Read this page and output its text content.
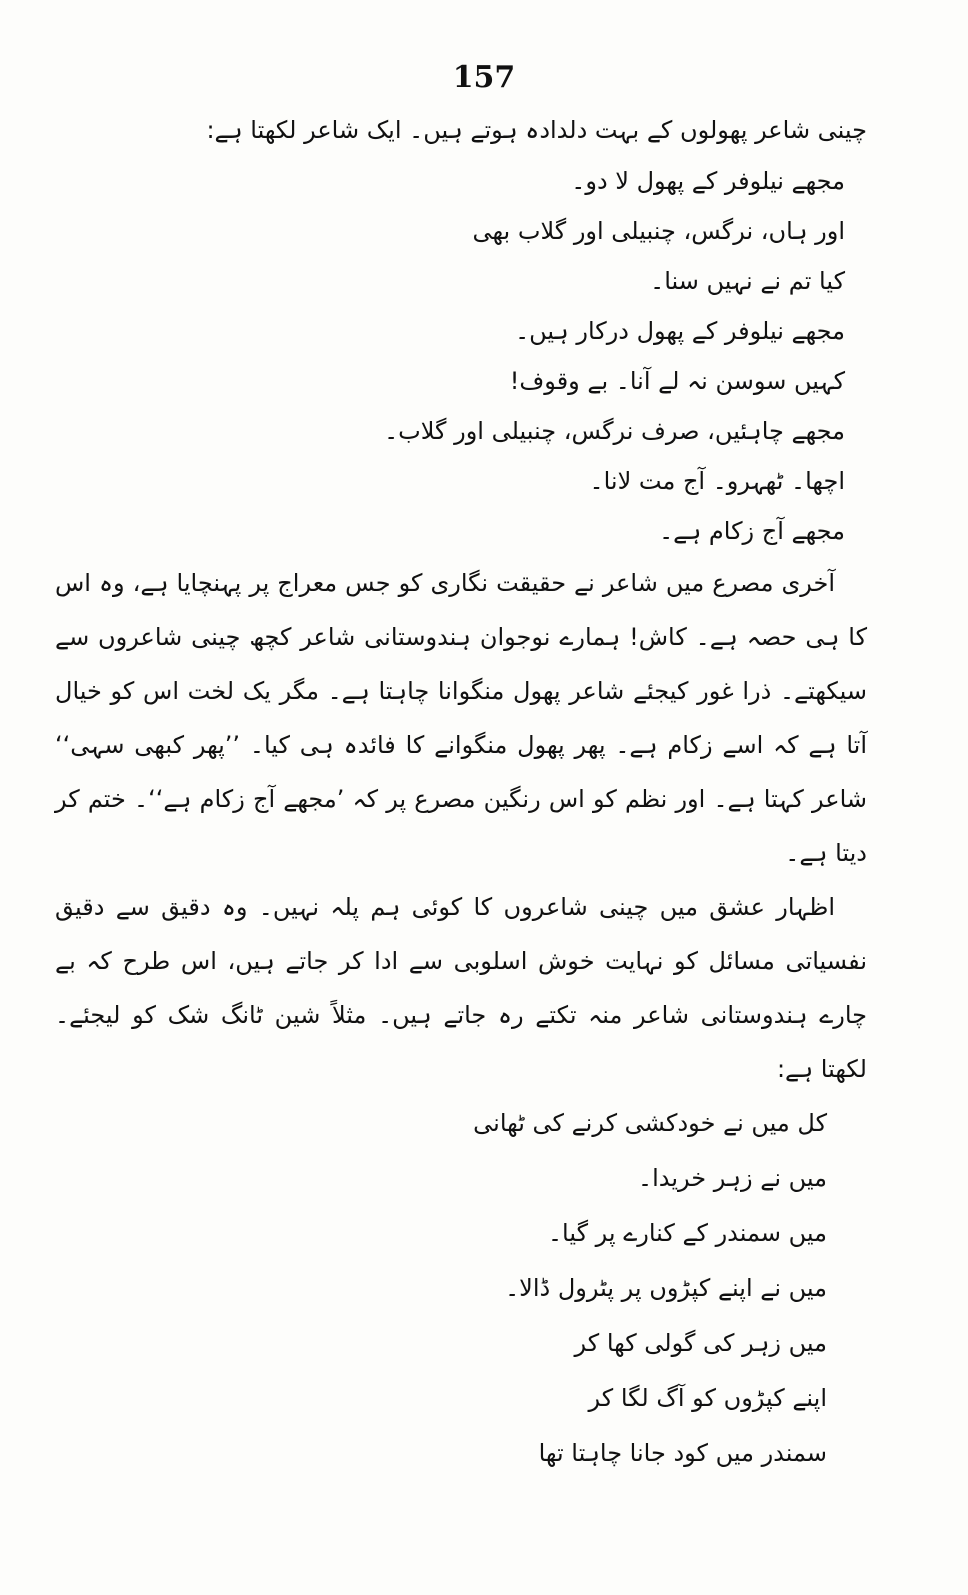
157

چینی شاعر پھولوں کے بہت دلدادہ ہوتے ہیں۔ ایک شاعر لکھتا ہے:

مجھے نیلوفر کے پھول لا دو۔
اور ہاں، نرگس، چنبیلی اور گلاب بھی
کیا تم نے نہیں سنا۔
مجھے نیلوفر کے پھول درکار ہیں۔
کہیں سوسن نہ لے آنا۔ بے وقوف!
مجھے چاہئیں، صرف نرگس، چنبیلی اور گلاب۔
اچھا۔ ٹھہرو۔ آج مت لانا۔
مجھے آج زکام ہے۔

آخری مصرع میں شاعر نے حقیقت نگاری کو جس معراج پر پہنچایا ہے، وہ اس کا ہی حصہ ہے۔ کاش! ہمارے نوجوان ہندوستانی شاعر کچھ چینی شاعروں سے سیکھتے۔ ذرا غور کیجئے شاعر پھول منگوانا چاہتا ہے۔ مگر یک لخت اس کو خیال آتا ہے کہ اسے زکام ہے۔ پھر پھول منگوانے کا فائدہ ہی کیا۔ ’’پھر کبھی سہی‘‘ شاعر کہتا ہے۔ اور نظم کو اس رنگین مصرع پر کہ ’مجھے آج زکام ہے‘‘۔ ختم کر دیتا ہے۔

اظہار عشق میں چینی شاعروں کا کوئی ہم پلہ نہیں۔ وہ دقیق سے دقیق نفسیاتی مسائل کو نہایت خوش اسلوبی سے ادا کر جاتے ہیں، اس طرح کہ بے چارے ہندوستانی شاعر منہ تکتے رہ جاتے ہیں۔ مثلاً شین ٹانگ شک کو لیجئے۔ لکھتا ہے:

کل میں نے خودکشی کرنے کی ٹھانی
میں نے زہر خریدا۔
میں سمندر کے کنارے پر گیا۔
میں نے اپنے کپڑوں پر پٹرول ڈالا۔
میں زہر کی گولی کھا کر
اپنے کپڑوں کو آگ لگا کر
سمندر میں کود جانا چاہتا تھا
